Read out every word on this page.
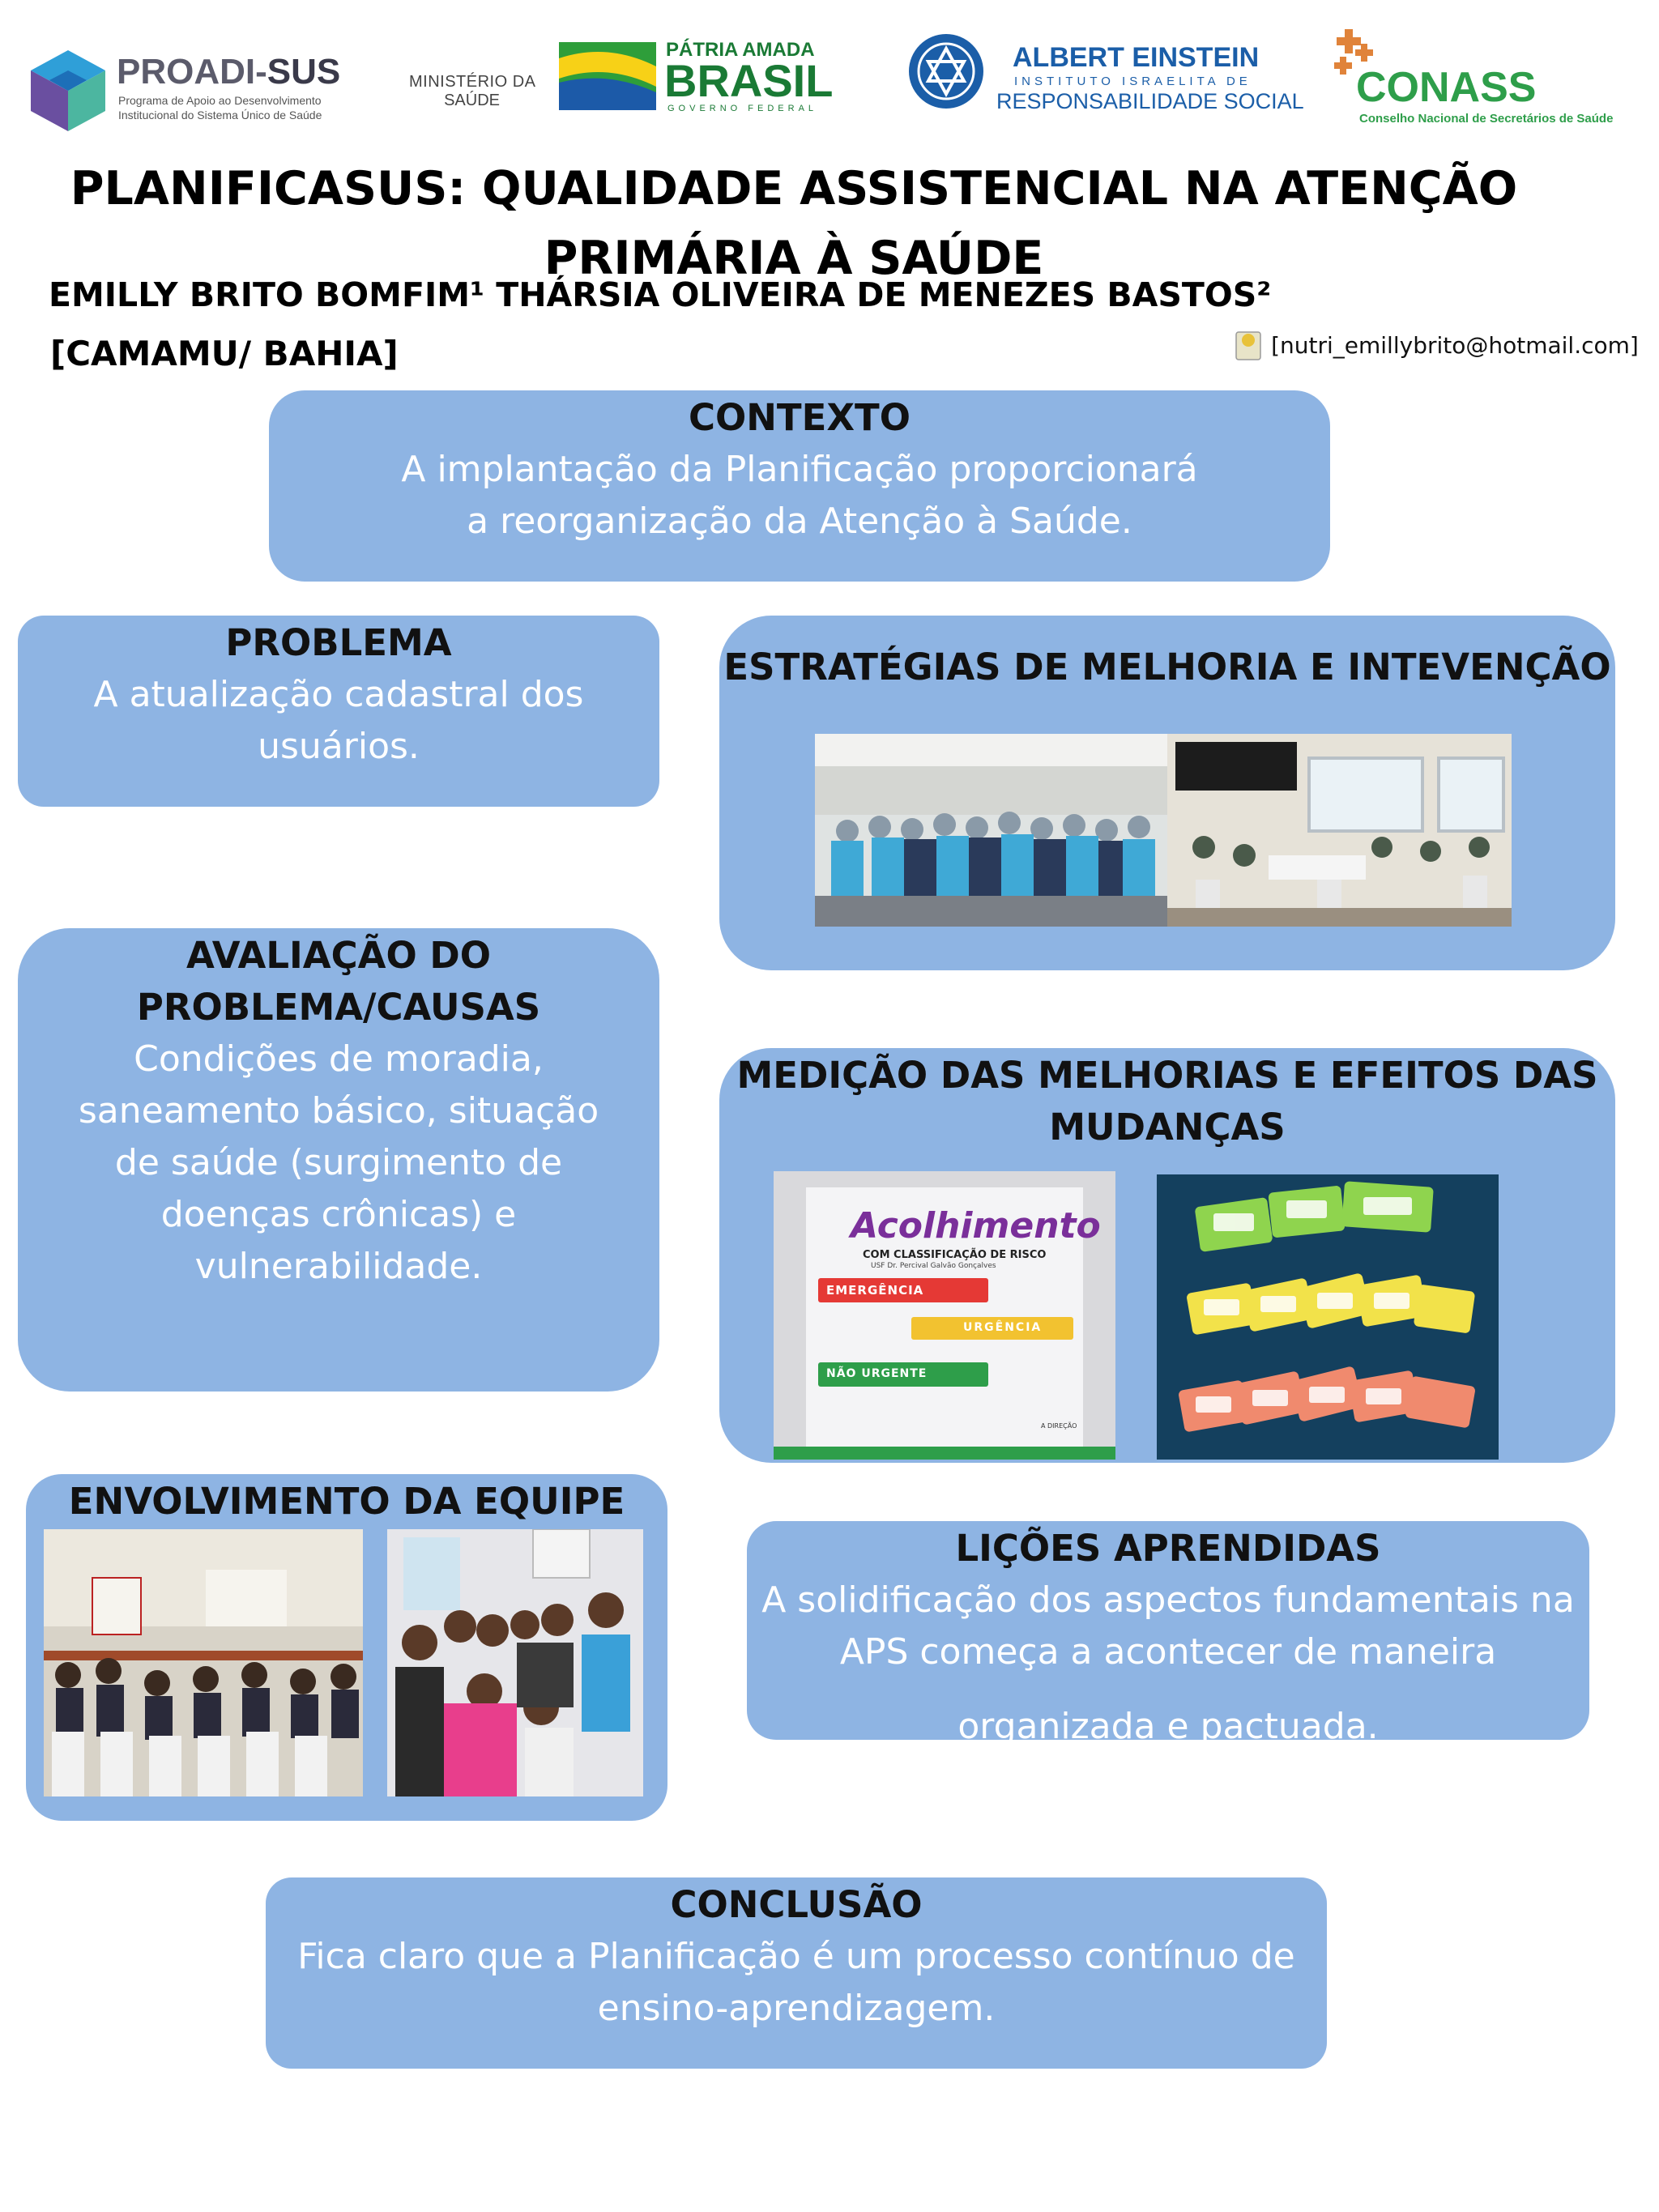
PROADI-SUS
Programa de Apoio ao Desenvolvimento
Institucional do Sistema Único de Saúde
MINISTÉRIO DA
SAÚDE
PÁTRIA AMADA
BRASIL
GOVERNO FEDERAL
ALBERT EINSTEIN
INSTITUTO ISRAELITA DE
RESPONSABILIDADE SOCIAL CONASS
Conselho Nacional de Secretários de Saúde
PLANIFICASUS: QUALIDADE ASSISTENCIAL NA ATENÇÃO
PRIMÁRIA À SAÚDE
EMILLY BRITO BOMFIM¹ THÁRSIA OLIVEIRA DE MENEZES BASTOS²
[CAMAMU/ BAHIA]	[nutri_emillybrito@hotmail.com]
CONTEXTO

A implantação da Planificação proporcionará a reorganização da Atenção à Saúde.

PROBLEMA

A atualização cadastral dos usuários.

ESTRATÉGIAS DE MELHORIA E INTEVENÇÃO
AVALIAÇÃO DO
PROBLEMA/CAUSAS

Condições de moradia, saneamento básico, situação de saúde (surgimento de doenças crônicas) e vulnerabilidade.

MEDIÇÃO DAS MELHORIAS E EFEITOS DAS
MUDANÇAS
Acolhimento
COM CLASSIFICAÇÃO DE RISCO
USF Dr. Percival Galvão Gonçalves
EMERGÊNCIA
URGÊNCIA
NÃO URGENTE
A DIREÇÃO
ENVOLVIMENTO DA EQUIPE
LIÇÕES APRENDIDAS

A solidificação dos aspectos fundamentais na

APS começa a acontecer de maneira

organizada e pactuada.

CONCLUSÃO

Fica claro que a Planificação é um processo contínuo de

ensino-aprendizagem.
